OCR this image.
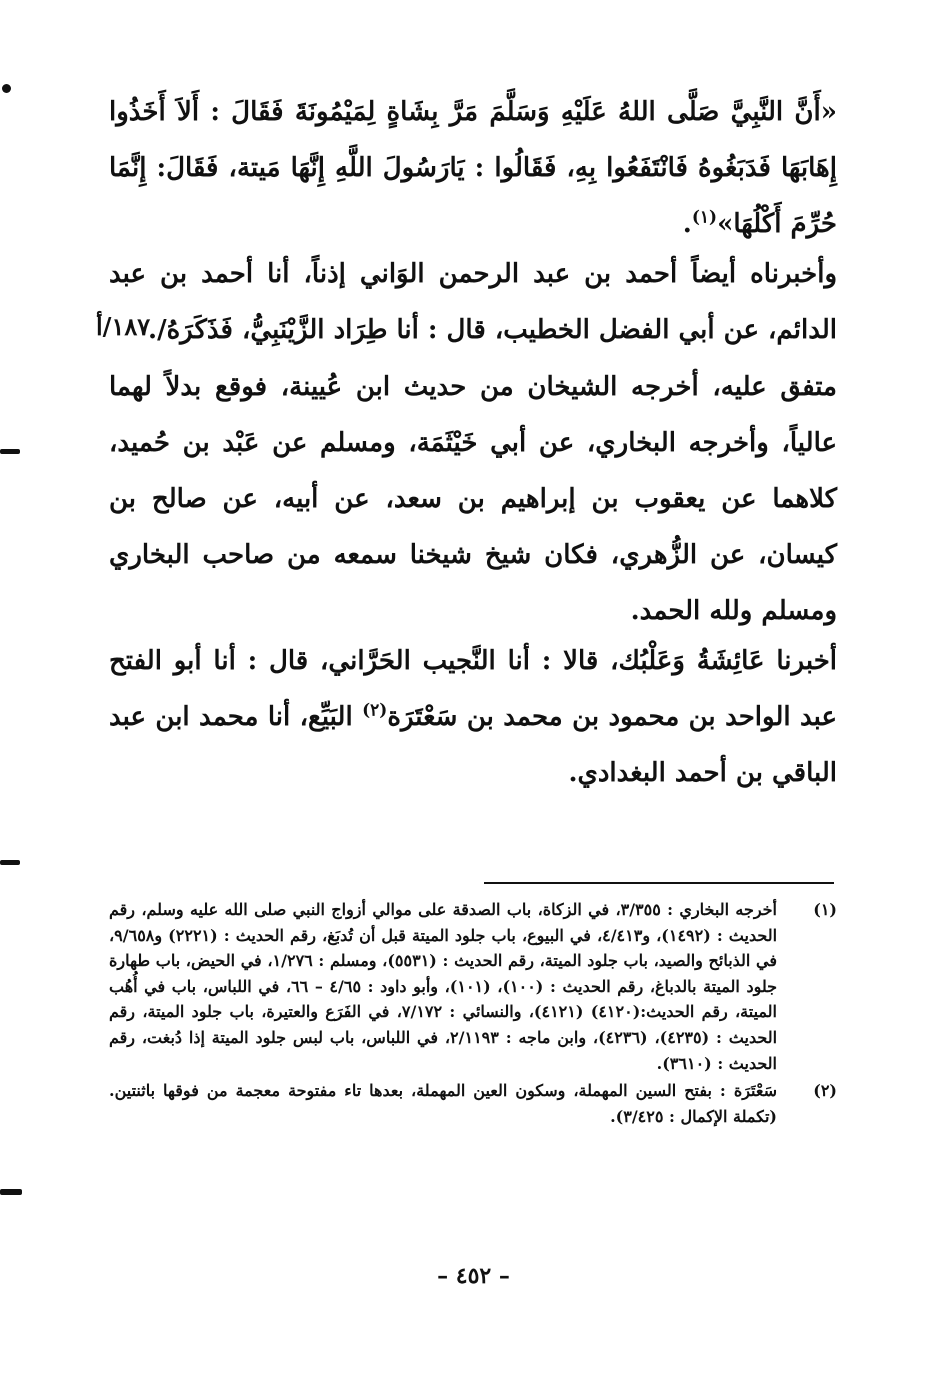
«أَنَّ النَّبِيَّ صَلَّى اللهُ عَلَيْهِ وَسَلَّمَ مَرَّ بِشَاةٍ لِمَيْمُونَةَ فَقَالَ : أَلاَ أَخَذُوا إِهَابَهَا فَدَبَغُوهُ فَانْتَفَعُوا بِهِ، فَقَالُوا : يَارَسُولَ اللَّهِ إِنَّهَا مَيتة، فَقَالَ: إِنَّمَا حُرِّمَ أَكْلُهَا»$^{(١)}$.

وأخبرناه أيضاً أحمد بن عبد الرحمن الوَاني إذناً، أنا أحمد بن عبد الدائم، عن أبي الفضل الخطيب، قال : أنا طِرَاد الزَّيْنَبِيُّ، فَذَكَرَهُ/.

١٨٧/أ

متفق عليه، أخرجه الشيخان من حديث ابن عُيينة، فوقع بدلاً لهما عالياً، وأخرجه البخاري، عن أبي خَيْثَمَة، ومسلم عن عَبْد بن حُميد، كلاهما عن يعقوب بن إبراهيم بن سعد، عن أبيه، عن صالح بن كيسان، عن الزُّهري، فكان شيخ شيخنا سمعه من صاحب البخاري ومسلم ولله الحمد.

أخبرنا عَائِشَةُ وَعَلْبُك، قالا : أنا النَّجيب الحَرَّاني، قال : أنا أبو الفتح عبد الواحد بن محمود بن محمد بن سَعْتَرَة$^{(٢)}$ البَيِّع، أنا محمد ابن عبد الباقي بن أحمد البغدادي.

(١)
أخرجه البخاري : ٣/٣٥٥، في الزكاة، باب الصدقة على موالي أزواج النبي صلى الله عليه وسلم، رقم الحديث : (١٤٩٢)، و٤/٤١٣، في البيوع، باب جلود الميتة قبل أن تُدبَغ، رقم الحديث : (٢٢٢١) و٩/٦٥٨، في الذبائح والصيد، باب جلود الميتة، رقم الحديث : (٥٥٣١)، ومسلم : ١/٢٧٦، في الحيض، باب طهارة جلود الميتة بالدباغ، رقم الحديث : (١٠٠)، (١٠١)، وأبو داود : ٤/٦٥ – ٦٦، في اللباس، باب في أُهُب الميتة، رقم الحديث:(٤١٢٠) (٤١٢١)، والنسائي : ٧/١٧٢، في الفَرَع والعتيرة، باب جلود الميتة، رقم الحديث : (٤٢٣٥)، (٤٢٣٦)، وابن ماجه : ٢/١١٩٣، في اللباس، باب لبس جلود الميتة إذا دُبغت، رقم الحديث : (٣٦١٠).
(٢)
سَعْتَرَة : بفتح السين المهملة، وسكون العين المهملة، بعدها تاء مفتوحة معجمة من فوقها باثنتين. (تكملة الإكمال : ٣/٤٢٥).
– ٤٥٢ –
